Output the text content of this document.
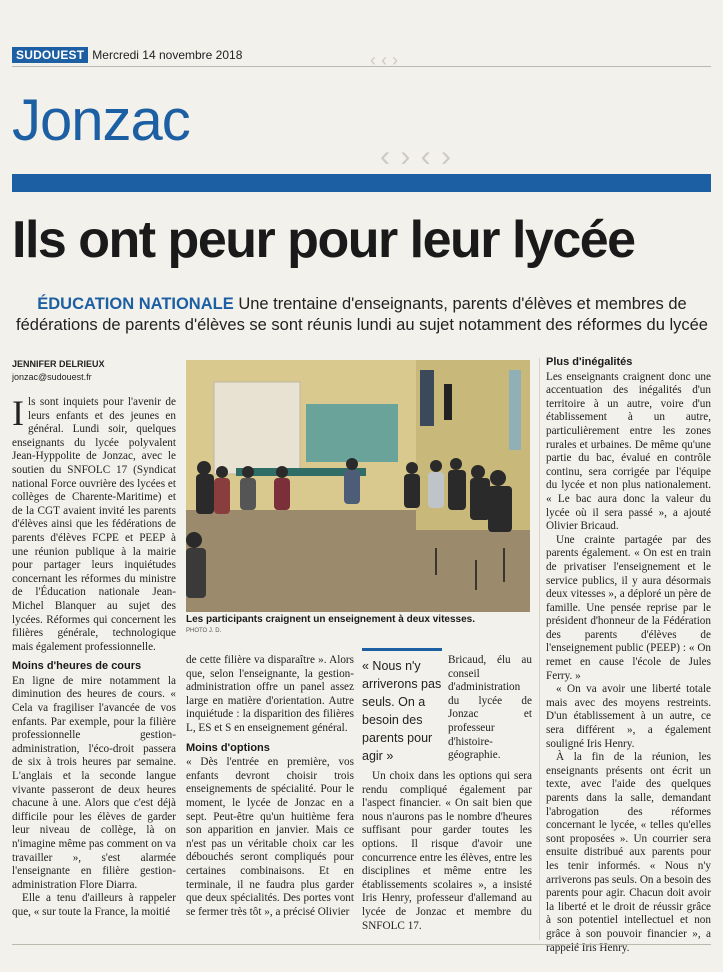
‹ ‹ ›
‹ › ‹ ›
SUDOUEST Mercredi 14 novembre 2018
Jonzac
Ils ont peur pour leur lycée
ÉDUCATION NATIONALE Une trentaine d'enseignants, parents d'élèves et membres de fédérations de parents d'élèves se sont réunis lundi au sujet notamment des réformes du lycée
JENNIFER DELRIEUX
jonzac@sudouest.fr

Ils sont inquiets pour l'avenir de leurs enfants et des jeunes en général. Lundi soir, quelques enseignants du lycée polyvalent Jean-Hyppolite de Jonzac, avec le soutien du SNFOLC 17 (Syndicat national Force ouvrière des lycées et collèges de Charente-Maritime) et de la CGT avaient invité les parents d'élèves ainsi que les fédérations de parents d'élèves FCPE et PEEP à une réunion publique à la mairie pour partager leurs inquiétudes concernant les réformes du ministre de l'Éducation nationale Jean-Michel Blanquer au sujet des lycées. Réformes qui concernent les filières générale, technologique mais également professionnelle.

Moins d'heures de cours

En ligne de mire notamment la diminution des heures de cours. « Cela va fragiliser l'avancée de vos enfants. Par exemple, pour la filière professionnelle gestion-administration, l'éco-droit passera de six à trois heures par semaine. L'anglais et la seconde langue vivante passeront de deux heures chacune à une. Alors que c'est déjà difficile pour les élèves de garder leur niveau de collège, là on n'imagine même pas comment on va travailler », s'est alarmée l'enseignante en filière gestion-administration Flore Diarra.

Elle a tenu d'ailleurs à rappeler que, « sur toute la France, la moitié

Les participants craignent un enseignement à deux vitesses.
PHOTO J. D.

de cette filière va disparaître ». Alors que, selon l'enseignante, la gestion-administration offre un panel assez large en matière d'orientation. Autre inquiétude : la disparition des filières L, ES et S en enseignement général.

Moins d'options

« Dès l'entrée en première, vos enfants devront choisir trois enseignements de spécialité. Pour le moment, le lycée de Jonzac en a sept. Peut-être qu'un huitième fera son apparition en janvier. Mais ce n'est pas un véritable choix car les débouchés seront compliqués pour certaines combinaisons. Et en terminale, il ne faudra plus garder que deux spécialités. Des portes vont se fermer très tôt », a précisé Olivier

« Nous n'y arriverons pas seuls. On a besoin des parents pour agir »

Bricaud, élu au conseil d'administration du lycée de Jonzac et professeur d'histoire-géographie.

Un choix dans les options qui sera rendu compliqué également par l'aspect financier. « On sait bien que nous n'aurons pas le nombre d'heures suffisant pour garder toutes les options. Il risque d'avoir une concurrence entre les élèves, entre les disciplines et même entre les établissements scolaires », a insisté Iris Henry, professeur d'allemand au lycée de Jonzac et membre du SNFOLC 17.

Plus d'inégalités

Les enseignants craignent donc une accentuation des inégalités d'un territoire à un autre, voire d'un établissement à un autre, particulièrement entre les zones rurales et urbaines. De même qu'une partie du bac, évalué en contrôle continu, sera corrigée par l'équipe du lycée et non plus nationalement. « Le bac aura donc la valeur du lycée où il sera passé », a ajouté Olivier Bricaud.

Une crainte partagée par des parents également. « On est en train de privatiser l'enseignement et le service publics, il y aura désormais deux vitesses », a déploré un père de famille. Une pensée reprise par le président d'honneur de la Fédération des parents d'élèves de l'enseignement public (PEEP) : « On remet en cause l'école de Jules Ferry. »

« On va avoir une liberté totale mais avec des moyens restreints. D'un établissement à un autre, ce sera différent », a également souligné Iris Henry.

À la fin de la réunion, les enseignants présents ont écrit un texte, avec l'aide des quelques parents dans la salle, demandant l'abrogation des réformes concernant le lycée, « telles qu'elles sont proposées ». Un courrier sera ensuite distribué aux parents pour les tenir informés. « Nous n'y arriverons pas seuls. On a besoin des parents pour agir. Chacun doit avoir la liberté et le droit de réussir grâce à son potentiel intellectuel et non grâce à son pouvoir financier », a rappelé Iris Henry.
